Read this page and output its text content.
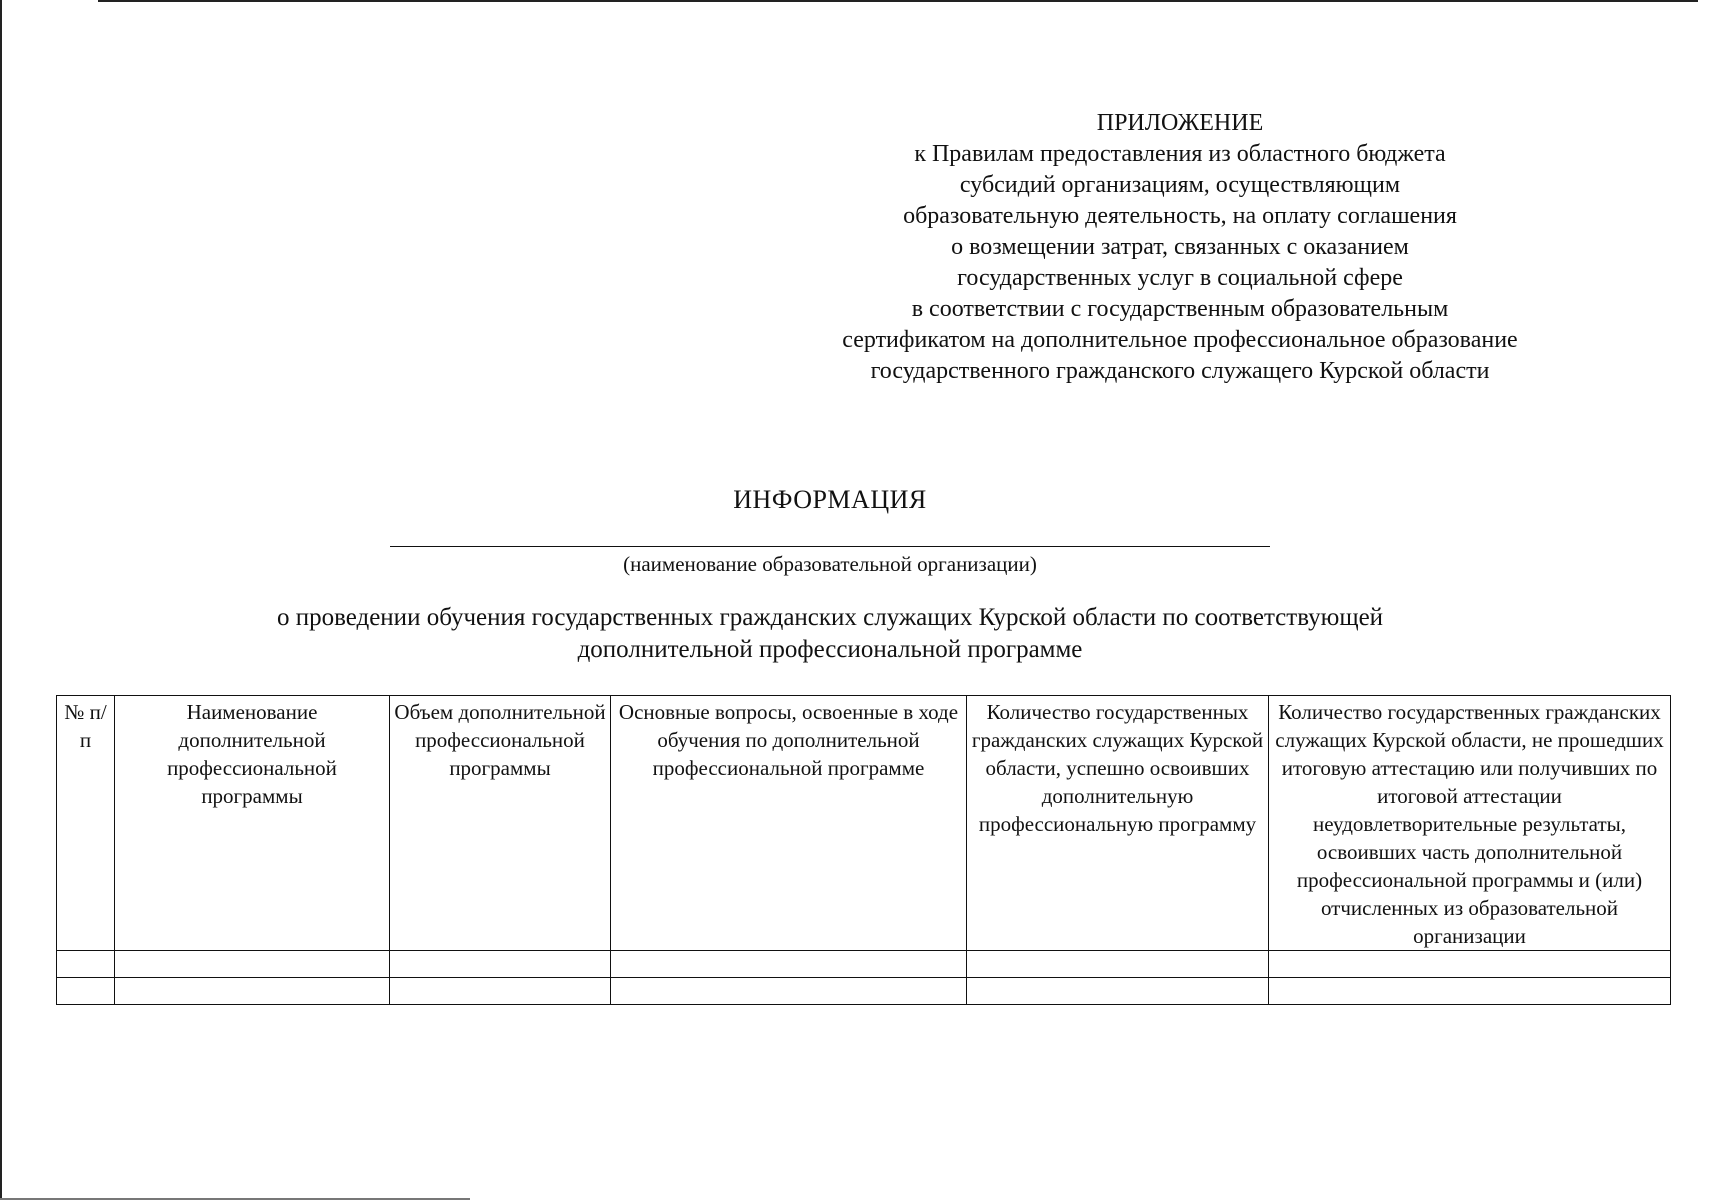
ПРИЛОЖЕНИЕ
к Правилам предоставления из областного бюджета
субсидий организациям, осуществляющим
образовательную деятельность, на оплату соглашения
о возмещении затрат, связанных с оказанием
государственных услуг в социальной сфере
в соответствии с государственным образовательным
сертификатом на дополнительное профессиональное образование
государственного гражданского служащего Курской области
ИНФОРМАЦИЯ
(наименование образовательной организации)
о проведении обучения государственных гражданских служащих Курской области по соответствующей
дополнительной профессиональной программе
№ п/п	Наименование дополнительной профессиональной программы	Объем дополнительной профессиональной программы	Основные вопросы, освоенные в ходе обучения по дополнительной профессиональной программе	Количество государственных гражданских служащих Курской области, успешно освоивших дополнительную профессиональную программу	Количество государственных гражданских служащих Курской области, не прошедших итоговую аттестацию или получивших по итоговой аттестации неудовлетворительные результаты, освоивших часть дополнительной профессиональной программы и (или) отчисленных из образовательной организации
